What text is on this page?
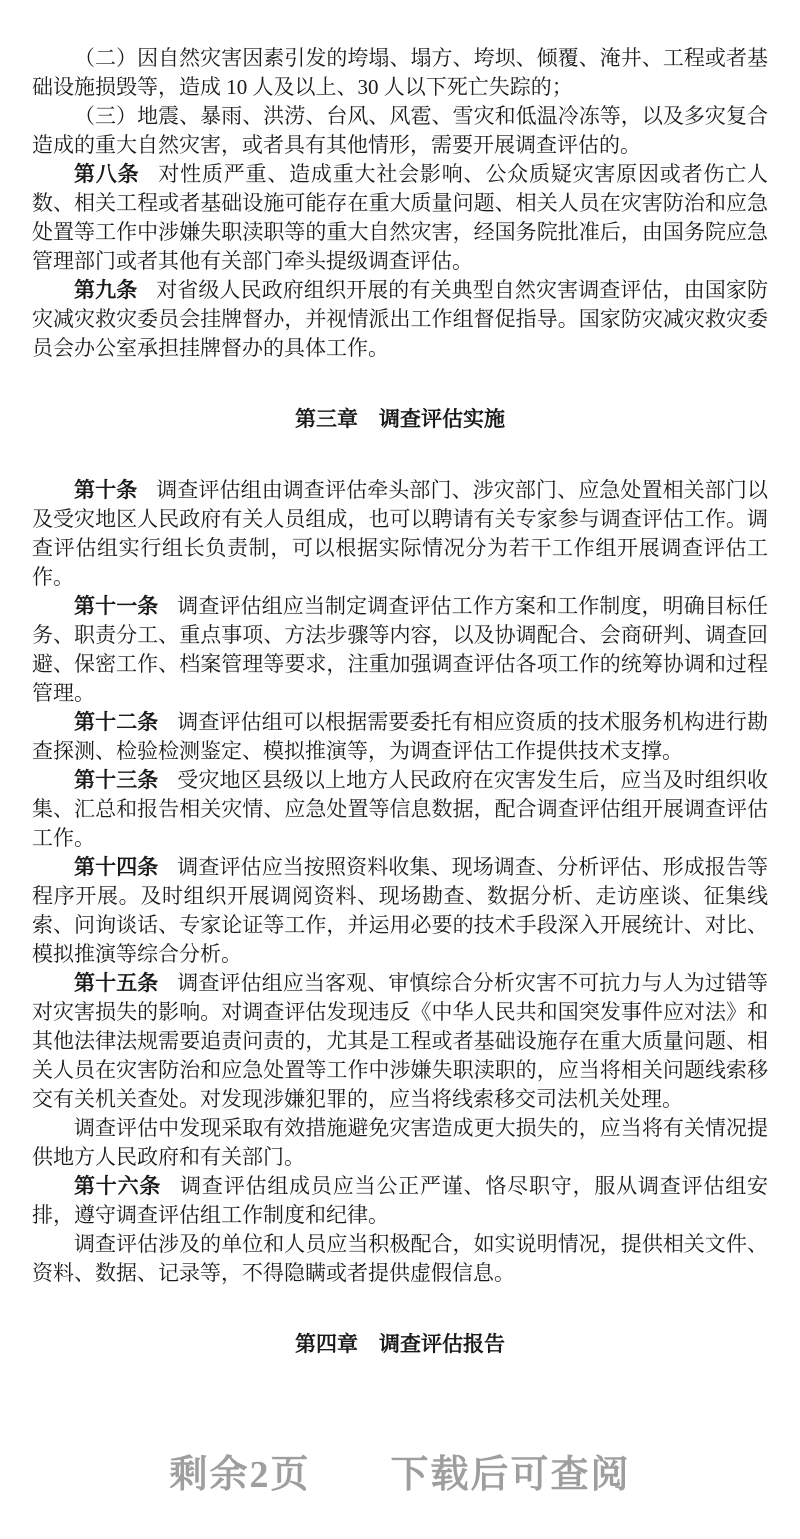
（二）因自然灾害因素引发的垮塌、塌方、垮坝、倾覆、淹井、工程或者基础设施损毁等，造成 10 人及以上、30 人以下死亡失踪的；

（三）地震、暴雨、洪涝、台风、风雹、雪灾和低温冷冻等，以及多灾复合造成的重大自然灾害，或者具有其他情形，需要开展调查评估的。

第八条 对性质严重、造成重大社会影响、公众质疑灾害原因或者伤亡人数、相关工程或者基础设施可能存在重大质量问题、相关人员在灾害防治和应急处置等工作中涉嫌失职渎职等的重大自然灾害，经国务院批准后，由国务院应急管理部门或者其他有关部门牵头提级调查评估。

第九条 对省级人民政府组织开展的有关典型自然灾害调查评估，由国家防灾减灾救灾委员会挂牌督办，并视情派出工作组督促指导。国家防灾减灾救灾委员会办公室承担挂牌督办的具体工作。

第三章　调查评估实施

第十条 调查评估组由调查评估牵头部门、涉灾部门、应急处置相关部门以及受灾地区人民政府有关人员组成，也可以聘请有关专家参与调查评估工作。调查评估组实行组长负责制，可以根据实际情况分为若干工作组开展调查评估工作。

第十一条 调查评估组应当制定调查评估工作方案和工作制度，明确目标任务、职责分工、重点事项、方法步骤等内容，以及协调配合、会商研判、调查回避、保密工作、档案管理等要求，注重加强调查评估各项工作的统筹协调和过程管理。

第十二条 调查评估组可以根据需要委托有相应资质的技术服务机构进行勘查探测、检验检测鉴定、模拟推演等，为调查评估工作提供技术支撑。

第十三条 受灾地区县级以上地方人民政府在灾害发生后，应当及时组织收集、汇总和报告相关灾情、应急处置等信息数据，配合调查评估组开展调查评估工作。

第十四条 调查评估应当按照资料收集、现场调查、分析评估、形成报告等程序开展。及时组织开展调阅资料、现场勘查、数据分析、走访座谈、征集线索、问询谈话、专家论证等工作，并运用必要的技术手段深入开展统计、对比、模拟推演等综合分析。

第十五条 调查评估组应当客观、审慎综合分析灾害不可抗力与人为过错等对灾害损失的影响。对调查评估发现违反《中华人民共和国突发事件应对法》和其他法律法规需要追责问责的，尤其是工程或者基础设施存在重大质量问题、相关人员在灾害防治和应急处置等工作中涉嫌失职渎职的，应当将相关问题线索移交有关机关查处。对发现涉嫌犯罪的，应当将线索移交司法机关处理。

调查评估中发现采取有效措施避免灾害造成更大损失的，应当将有关情况提供地方人民政府和有关部门。

第十六条 调查评估组成员应当公正严谨、恪尽职守，服从调查评估组安排，遵守调查评估组工作制度和纪律。

调查评估涉及的单位和人员应当积极配合，如实说明情况，提供相关文件、资料、数据、记录等，不得隐瞒或者提供虚假信息。

第四章　调查评估报告
剩余2页　　下载后可查阅
